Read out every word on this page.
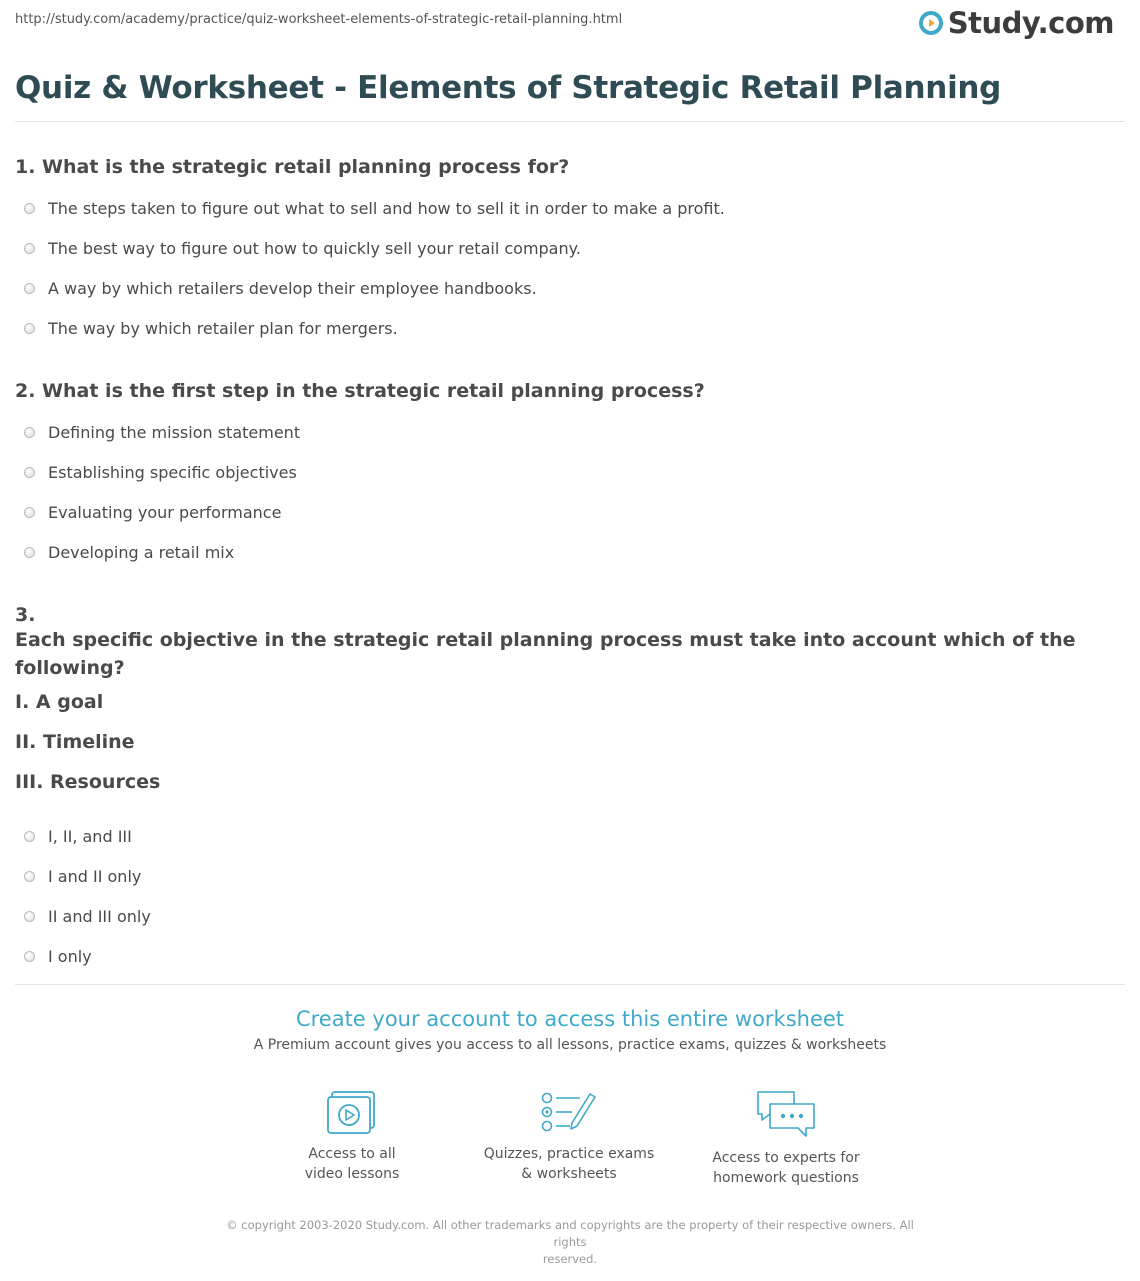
http://study.com/academy/practice/quiz-worksheet-elements-of-strategic-retail-planning.html	Study.com
Quiz & Worksheet - Elements of Strategic Retail Planning

1. What is the strategic retail planning process for?

The steps taken to figure out what to sell and how to sell it in order to make a profit.
The best way to figure out how to quickly sell your retail company.
A way by which retailers develop their employee handbooks.
The way by which retailer plan for mergers.

2. What is the first step in the strategic retail planning process?

Defining the mission statement
Establishing specific objectives
Evaluating your performance
Developing a retail mix

3.

Each specific objective in the strategic retail planning process must take into account which of the following?

I. A goal
II. Timeline
III. Resources
I, II, and III
I and II only
II and III only
I only
Create your account to access this entire worksheet
A Premium account gives you access to all lessons, practice exams, quizzes & worksheets
Access to all
video lessons
Quizzes, practice exams
& worksheets
Access to experts for
homework questions
© copyright 2003-2020 Study.com. All other trademarks and copyrights are the property of their respective owners. All rights
reserved.
